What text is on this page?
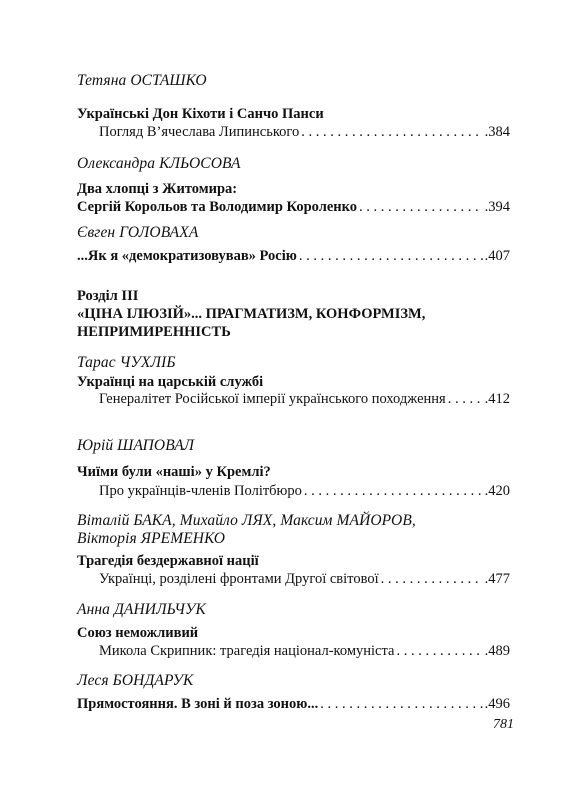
Тетяна ОСТАШКО
Українські Дон Кіхоти і Санчо Панси
Погляд В’ячеслава Липинського . . .	.384
Олександра КЛЬОСОВА
Два хлопці з Житомира:
Сергій Корольов та Володимир Короленко . . .	.394
Євген ГОЛОВАХА
...Як я «демократизовував» Росію . . .	.407
Розділ ІІІ
«ЦІНА ІЛЮЗІЙ»... ПРАГМАТИЗМ, КОНФОРМІЗМ,
НЕПРИМИРЕННІСТЬ
Тарас ЧУХЛІБ
Українці на царській службі
Генералітет Російської імперії українського походження . . .	.412
Юрій ШАПОВАЛ
Чиїми були «наші» у Кремлі?
Про українців-членів Політбюро . . .	.420
Віталій БАКА, Михайло ЛЯХ, Максим МАЙОРОВ,
Вікторія ЯРЕМЕНКО
Трагедія бездержавної нації
Українці, розділені фронтами Другої світової . . .	.477
Анна ДАНИЛЬЧУК
Союз неможливий
Микола Скрипник: трагедія націонал-комуніста . . .	.489
Леся БОНДАРУК
Прямостояння. В зоні й поза зоною... . . .	.496
781
